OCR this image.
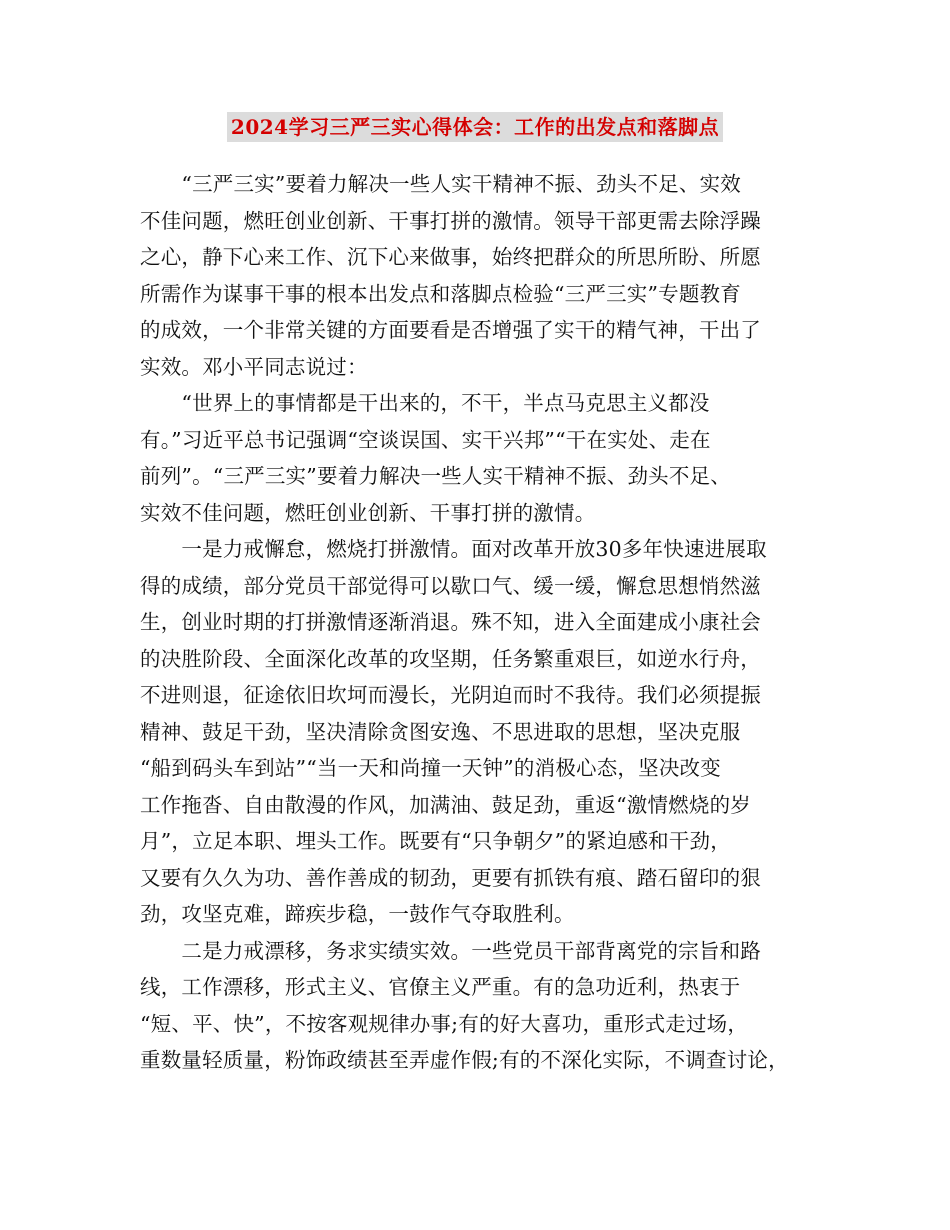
2024学习三严三实心得体会：工作的出发点和落脚点
　　“三严三实”要着力解决一些人实干精神不振、劲头不足、实效
不佳问题，燃旺创业创新、干事打拼的激情。领导干部更需去除浮躁
之心，静下心来工作、沉下心来做事，始终把群众的所思所盼、所愿
所需作为谋事干事的根本出发点和落脚点检验“三严三实”专题教育
的成效，一个非常关键的方面要看是否增强了实干的精气神，干出了
实效。邓小平同志说过：
　　“世界上的事情都是干出来的，不干，半点马克思主义都没
有。”习近平总书记强调“空谈误国、实干兴邦”“干在实处、走在
前列”。“三严三实”要着力解决一些人实干精神不振、劲头不足、
实效不佳问题，燃旺创业创新、干事打拼的激情。
　　一是力戒懈怠，燃烧打拼激情。面对改革开放30多年快速进展取
得的成绩，部分党员干部觉得可以歇口气、缓一缓，懈怠思想悄然滋
生，创业时期的打拼激情逐渐消退。殊不知，进入全面建成小康社会
的决胜阶段、全面深化改革的攻坚期，任务繁重艰巨，如逆水行舟，
不进则退，征途依旧坎坷而漫长，光阴迫而时不我待。我们必须提振
精神、鼓足干劲，坚决清除贪图安逸、不思进取的思想，坚决克服
“船到码头车到站”“当一天和尚撞一天钟”的消极心态，坚决改变
工作拖沓、自由散漫的作风，加满油、鼓足劲，重返“激情燃烧的岁
月”，立足本职、埋头工作。既要有“只争朝夕”的紧迫感和干劲，
又要有久久为功、善作善成的韧劲，更要有抓铁有痕、踏石留印的狠
劲，攻坚克难，蹄疾步稳，一鼓作气夺取胜利。
　　二是力戒漂移，务求实绩实效。一些党员干部背离党的宗旨和路
线，工作漂移，形式主义、官僚主义严重。有的急功近利，热衷于
“短、平、快”，不按客观规律办事;有的好大喜功，重形式走过场，
重数量轻质量，粉饰政绩甚至弄虚作假;有的不深化实际，不调查讨论，
